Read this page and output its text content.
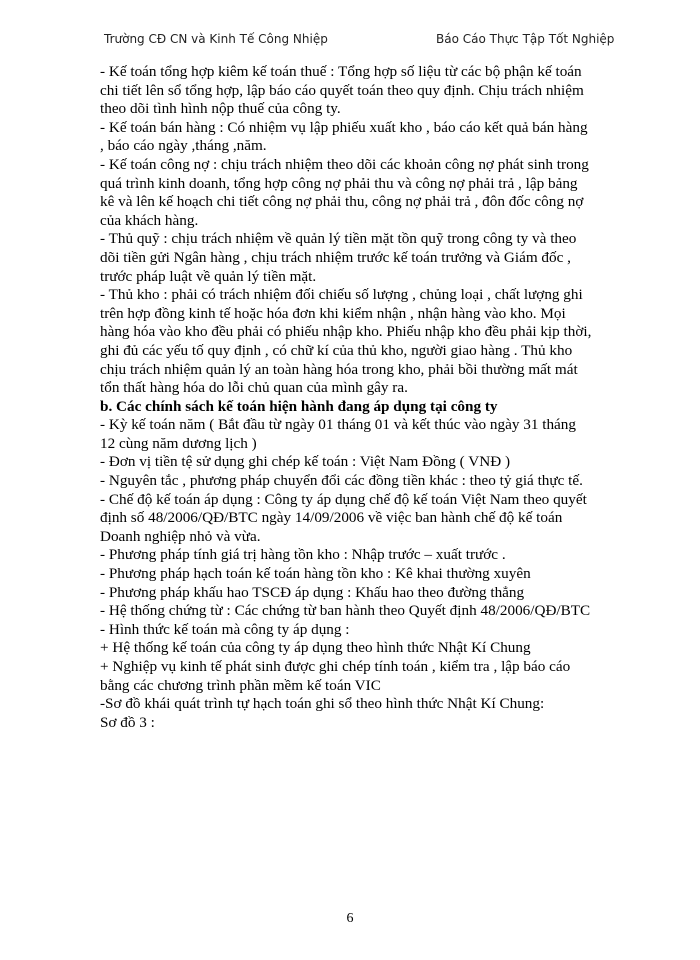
Trường CĐ CN và Kinh Tế Công Nhiệp	Báo Cáo Thực Tập Tốt Nghiệp
- Kế toán tổng hợp kiêm kế toán thuế : Tổng hợp số liệu từ các bộ phận kế toán
chi tiết lên sổ tổng hợp, lập báo cáo quyết toán theo quy định. Chịu trách nhiệm
theo dõi tình hình nộp thuế của công ty.
- Kế toán bán hàng : Có nhiệm vụ lập phiếu xuất kho , báo cáo kết quả bán hàng
, báo cáo ngày ,tháng ,năm.
- Kế toán công nợ : chịu trách nhiệm theo dõi các khoản công nợ phát sinh trong
quá trình kinh doanh, tổng hợp công nợ phải thu và công nợ phải trả , lập bảng
kê và lên kế hoạch chi tiết công nợ phải thu, công nợ phải trả , đôn đốc công nợ
của khách hàng.
- Thủ quỹ : chịu trách nhiệm về quản lý tiền mặt tồn quỹ trong công ty và theo
dõi tiền gửi Ngân hàng , chịu trách nhiệm trước kế toán trưởng và Giám đốc ,
trước pháp luật về quản lý tiền mặt.
- Thủ kho : phải có trách nhiệm đối chiếu số lượng , chủng loại , chất lượng ghi
trên hợp đồng kinh tế hoặc hóa đơn khi kiểm nhận , nhận hàng vào kho. Mọi
hàng hóa vào kho đều phải có phiếu nhập kho. Phiếu nhập kho đều phải kịp thời,
ghi đủ các yếu tố quy định , có chữ kí của thủ kho, người giao hàng . Thủ kho
chịu trách nhiệm quản lý an toàn hàng hóa trong kho, phải bồi thường mất mát
tổn thất hàng hóa do lỗi chủ quan của mình gây ra.
b. Các chính sách kế toán hiện hành đang áp dụng tại công ty
- Kỳ kế toán năm ( Bắt đầu từ ngày 01 tháng 01 và kết thúc vào ngày 31 tháng
12 cùng năm dương lịch )
- Đơn vị tiền tệ sử dụng ghi chép kế toán : Việt Nam Đồng ( VNĐ )
- Nguyên tắc , phương pháp chuyển đổi các đồng tiền khác : theo tỷ giá thực tế.
- Chế độ kế toán áp dụng : Công ty áp dụng chế độ kế toán Việt Nam theo quyết
định số 48/2006/QĐ/BTC ngày 14/09/2006 về việc ban hành chế độ kế toán
Doanh nghiệp nhỏ và vừa.
- Phương pháp tính giá trị hàng tồn kho : Nhập trước – xuất trước .
- Phương pháp hạch toán kế toán hàng tồn kho : Kê khai thường xuyên
- Phương pháp khấu hao TSCĐ áp dụng : Khấu hao theo đường thẳng
- Hệ thống chứng từ : Các chứng từ ban hành theo Quyết định 48/2006/QĐ/BTC
- Hình thức kế toán mà công ty áp dụng :
+ Hệ thống kế toán của công ty áp dụng theo hình thức Nhật Kí Chung
+ Nghiệp vụ kinh tế phát sinh được ghi chép tính toán , kiểm tra , lập báo cáo
bằng các chương trình phần mềm kế toán VIC
-Sơ đồ khái quát trình tự hạch toán ghi sổ theo hình thức Nhật Kí Chung:
Sơ đồ 3 :
6
